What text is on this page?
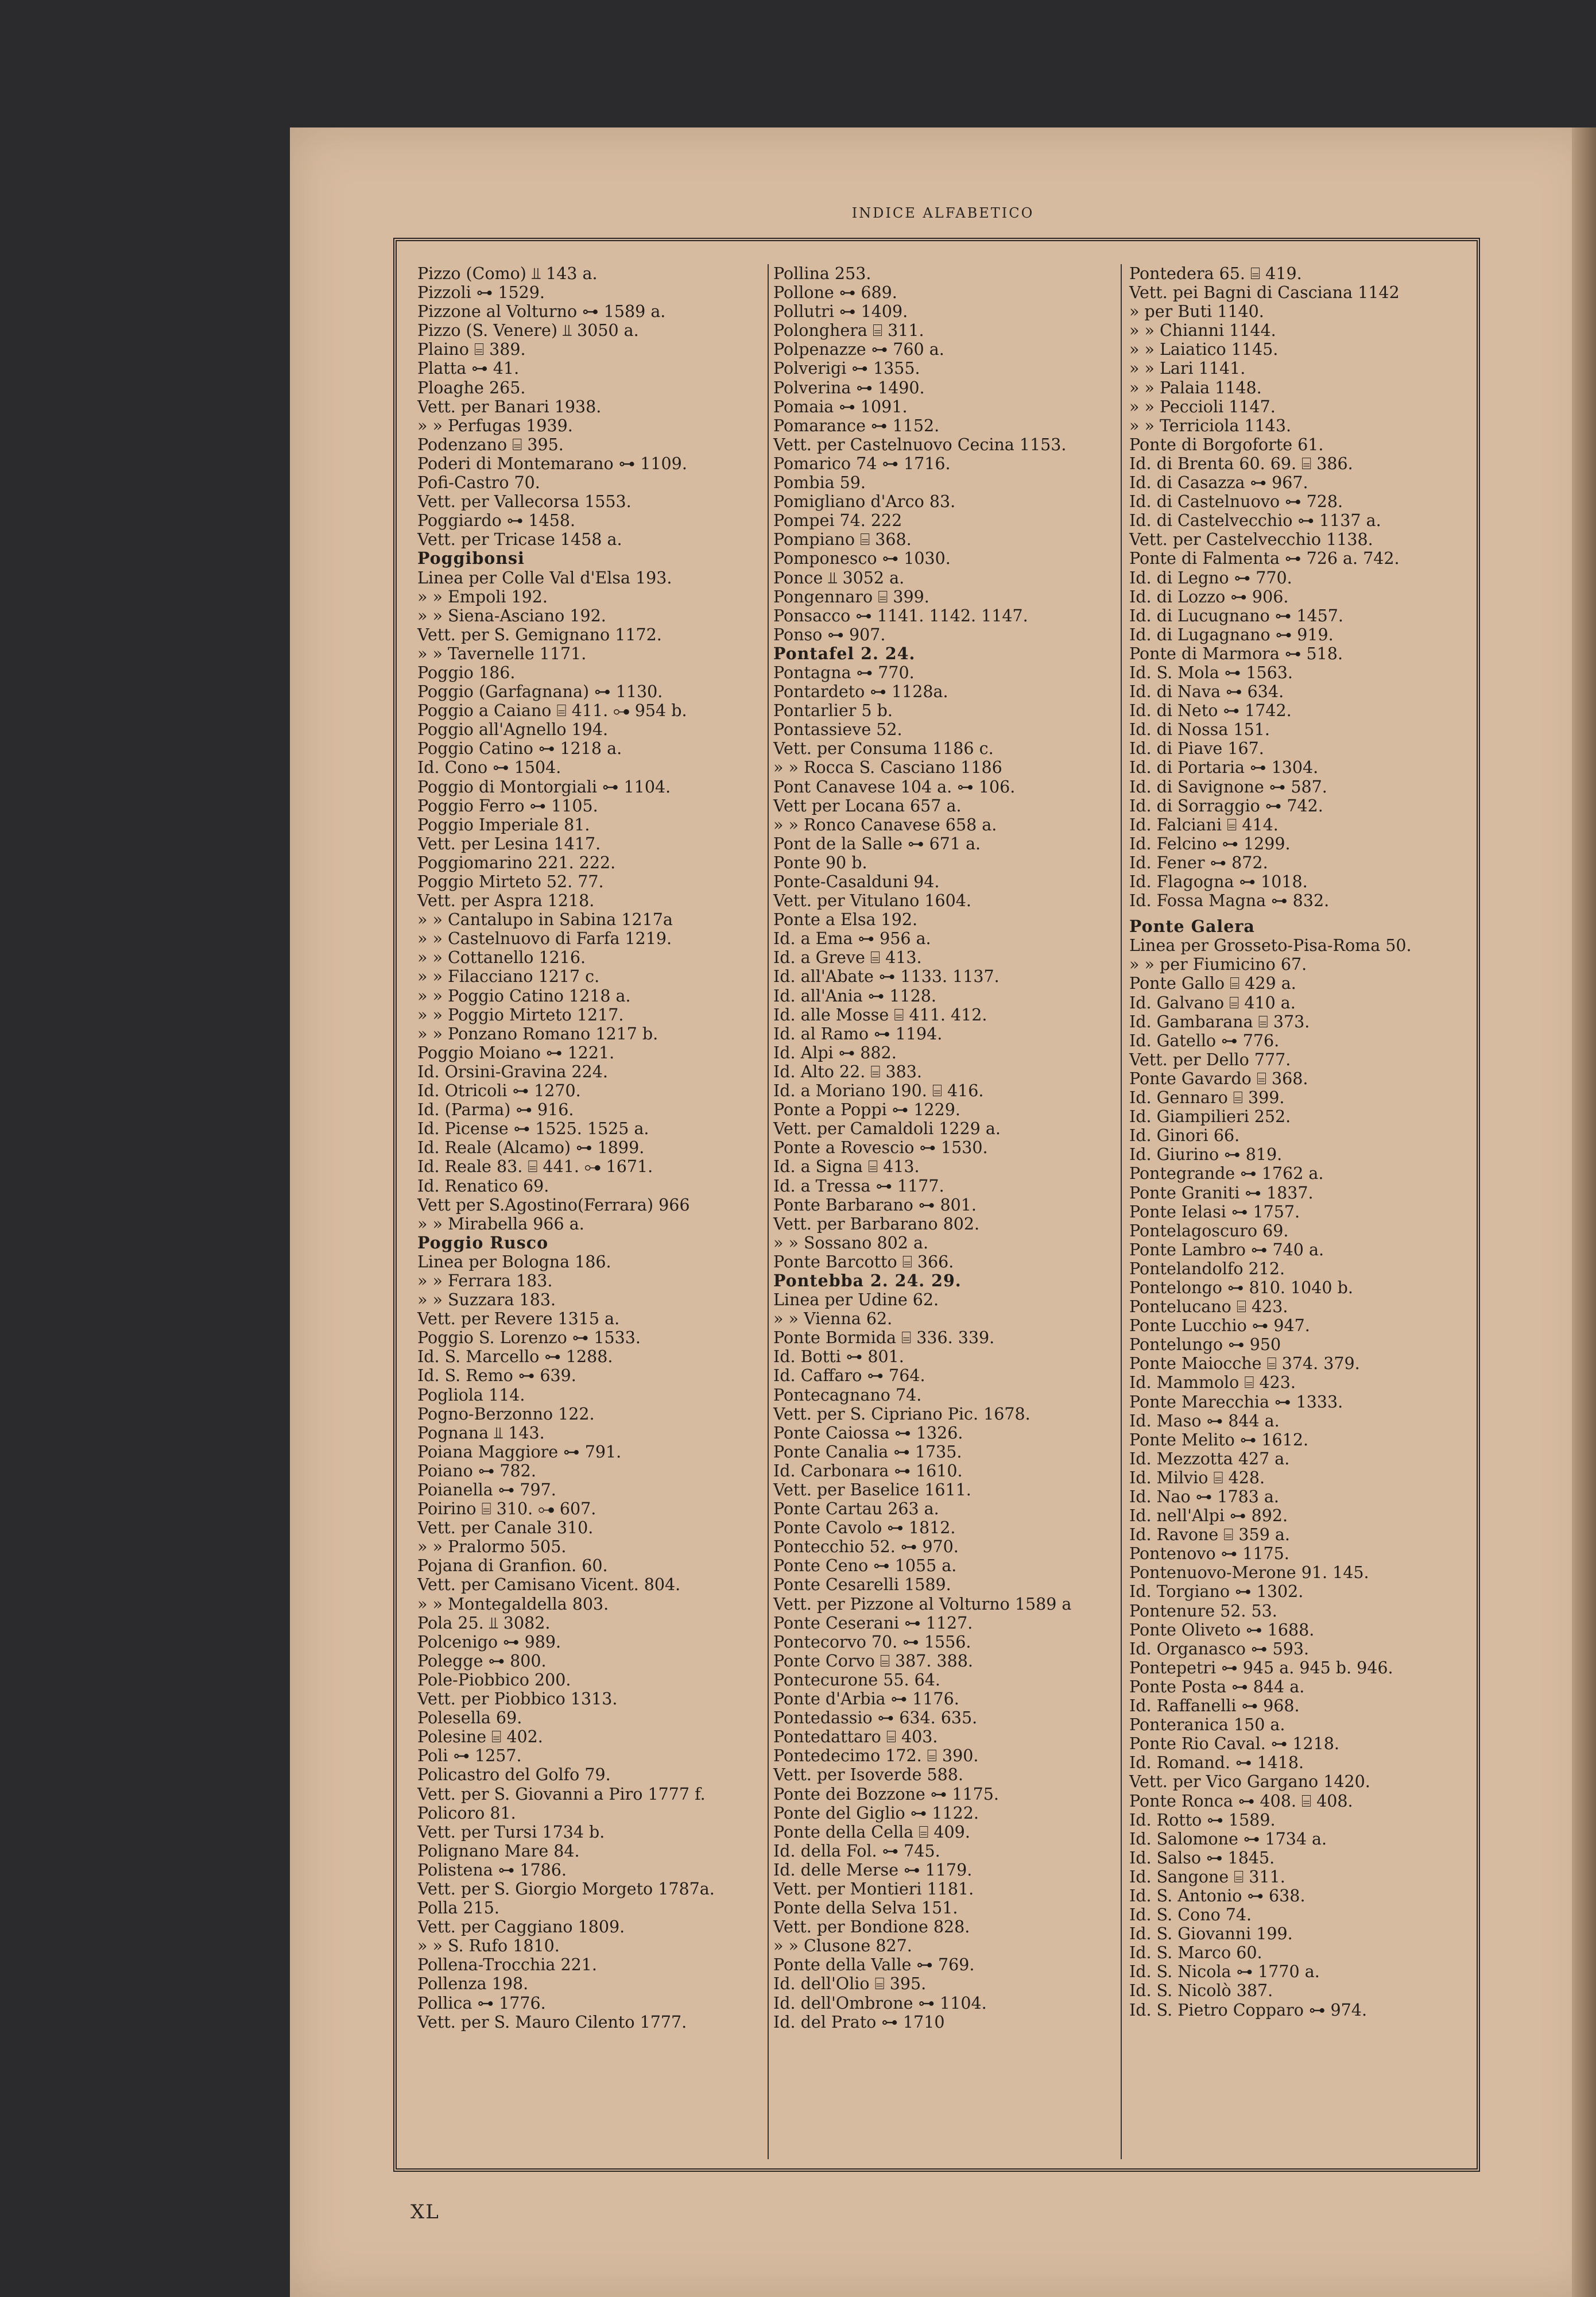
INDICE ALFABETICO
Pizzo (Como) ⫫ 143 a.
Pizzoli ⊶ 1529.
Pizzone al Volturno ⊶ 1589 a.
Pizzo (S. Venere) ⫫ 3050 a.
Plaino ⌸ 389.
Platta ⊶ 41.
Ploaghe 265.
Vett. per Banari 1938.
» » Perfugas 1939.
Podenzano ⌸ 395.
Poderi di Montemarano ⊶ 1109.
Pofi-Castro 70.
Vett. per Vallecorsa 1553.
Poggiardo ⊶ 1458.
Vett. per Tricase 1458 a.
Poggibonsi
Linea per Colle Val d'Elsa 193.
» » Empoli 192.
» » Siena-Asciano 192.
Vett. per S. Gemignano 1172.
» » Tavernelle 1171.
Poggio 186.
Poggio (Garfagnana) ⊶ 1130.
Poggio a Caiano ⌸ 411. ⊶ 954 b.
Poggio all'Agnello 194.
Poggio Catino ⊶ 1218 a.
Id. Cono ⊶ 1504.
Poggio di Montorgiali ⊶ 1104.
Poggio Ferro ⊶ 1105.
Poggio Imperiale 81.
Vett. per Lesina 1417.
Poggiomarino 221. 222.
Poggio Mirteto 52. 77.
Vett. per Aspra 1218.
» » Cantalupo in Sabina 1217a
» » Castelnuovo di Farfa 1219.
» » Cottanello 1216.
» » Filacciano 1217 c.
» » Poggio Catino 1218 a.
» » Poggio Mirteto 1217.
» » Ponzano Romano 1217 b.
Poggio Moiano ⊶ 1221.
Id. Orsini-Gravina 224.
Id. Otricoli ⊶ 1270.
Id. (Parma) ⊶ 916.
Id. Picense ⊶ 1525. 1525 a.
Id. Reale (Alcamo) ⊶ 1899.
Id. Reale 83. ⌸ 441. ⊶ 1671.
Id. Renatico 69.
Vett per S.Agostino(Ferrara) 966
» » Mirabella 966 a.
Poggio Rusco
Linea per Bologna 186.
» » Ferrara 183.
» » Suzzara 183.
Vett. per Revere 1315 a.
Poggio S. Lorenzo ⊶ 1533.
Id. S. Marcello ⊶ 1288.
Id. S. Remo ⊶ 639.
Pogliola 114.
Pogno-Berzonno 122.
Pognana ⫫ 143.
Poiana Maggiore ⊶ 791.
Poiano ⊶ 782.
Poianella ⊶ 797.
Poirino ⌸ 310. ⊶ 607.
Vett. per Canale 310.
» » Pralormo 505.
Pojana di Granfion. 60.
Vett. per Camisano Vicent. 804.
» » Montegaldella 803.
Pola 25. ⫫ 3082.
Polcenigo ⊶ 989.
Polegge ⊶ 800.
Pole-Piobbico 200.
Vett. per Piobbico 1313.
Polesella 69.
Polesine ⌸ 402.
Poli ⊶ 1257.
Policastro del Golfo 79.
Vett. per S. Giovanni a Piro 1777 f.
Policoro 81.
Vett. per Tursi 1734 b.
Polignano Mare 84.
Polistena ⊶ 1786.
Vett. per S. Giorgio Morgeto 1787a.
Polla 215.
Vett. per Caggiano 1809.
» » S. Rufo 1810.
Pollena-Trocchia 221.
Pollenza 198.
Pollica ⊶ 1776.
Vett. per S. Mauro Cilento 1777.
Pollina 253.
Pollone ⊶ 689.
Pollutri ⊶ 1409.
Polonghera ⌸ 311.
Polpenazze ⊶ 760 a.
Polverigi ⊶ 1355.
Polverina ⊶ 1490.
Pomaia ⊶ 1091.
Pomarance ⊶ 1152.
Vett. per Castelnuovo Cecina 1153.
Pomarico 74 ⊶ 1716.
Pombia 59.
Pomigliano d'Arco 83.
Pompei 74. 222
Pompiano ⌸ 368.
Pomponesco ⊶ 1030.
Ponce ⫫ 3052 a.
Pongennaro ⌸ 399.
Ponsacco ⊶ 1141. 1142. 1147.
Ponso ⊶ 907.
Pontafel 2. 24.
Pontagna ⊶ 770.
Pontardeto ⊶ 1128a.
Pontarlier 5 b.
Pontassieve 52.
Vett. per Consuma 1186 c.
» » Rocca S. Casciano 1186
Pont Canavese 104 a. ⊶ 106.
Vett per Locana 657 a.
» » Ronco Canavese 658 a.
Pont de la Salle ⊶ 671 a.
Ponte 90 b.
Ponte-Casalduni 94.
Vett. per Vitulano 1604.
Ponte a Elsa 192.
Id. a Ema ⊶ 956 a.
Id. a Greve ⌸ 413.
Id. all'Abate ⊶ 1133. 1137.
Id. all'Ania ⊶ 1128.
Id. alle Mosse ⌸ 411. 412.
Id. al Ramo ⊶ 1194.
Id. Alpi ⊶ 882.
Id. Alto 22. ⌸ 383.
Id. a Moriano 190. ⌸ 416.
Ponte a Poppi ⊶ 1229.
Vett. per Camaldoli 1229 a.
Ponte a Rovescio ⊶ 1530.
Id. a Signa ⌸ 413.
Id. a Tressa ⊶ 1177.
Ponte Barbarano ⊶ 801.
Vett. per Barbarano 802.
» » Sossano 802 a.
Ponte Barcotto ⌸ 366.
Pontebba 2. 24. 29.
Linea per Udine 62.
» » Vienna 62.
Ponte Bormida ⌸ 336. 339.
Id. Botti ⊶ 801.
Id. Caffaro ⊶ 764.
Pontecagnano 74.
Vett. per S. Cipriano Pic. 1678.
Ponte Caiossa ⊶ 1326.
Ponte Canalia ⊶ 1735.
Id. Carbonara ⊶ 1610.
Vett. per Baselice 1611.
Ponte Cartau 263 a.
Ponte Cavolo ⊶ 1812.
Pontecchio 52. ⊶ 970.
Ponte Ceno ⊶ 1055 a.
Ponte Cesarelli 1589.
Vett. per Pizzone al Volturno 1589 a
Ponte Ceserani ⊶ 1127.
Pontecorvo 70. ⊶ 1556.
Ponte Corvo ⌸ 387. 388.
Pontecurone 55. 64.
Ponte d'Arbia ⊶ 1176.
Pontedassio ⊶ 634. 635.
Pontedattaro ⌸ 403.
Pontedecimo 172. ⌸ 390.
Vett. per Isoverde 588.
Ponte dei Bozzone ⊶ 1175.
Ponte del Giglio ⊶ 1122.
Ponte della Cella ⌸ 409.
Id. della Fol. ⊶ 745.
Id. delle Merse ⊶ 1179.
Vett. per Montieri 1181.
Ponte della Selva 151.
Vett. per Bondione 828.
» » Clusone 827.
Ponte della Valle ⊶ 769.
Id. dell'Olio ⌸ 395.
Id. dell'Ombrone ⊶ 1104.
Id. del Prato ⊶ 1710
Pontedera 65. ⌸ 419.
Vett. pei Bagni di Casciana 1142
» per Buti 1140.
» » Chianni 1144.
» » Laiatico 1145.
» » Lari 1141.
» » Palaia 1148.
» » Peccioli 1147.
» » Terriciola 1143.
Ponte di Borgoforte 61.
Id. di Brenta 60. 69. ⌸ 386.
Id. di Casazza ⊶ 967.
Id. di Castelnuovo ⊶ 728.
Id. di Castelvecchio ⊶ 1137 a.
Vett. per Castelvecchio 1138.
Ponte di Falmenta ⊶ 726 a. 742.
Id. di Legno ⊶ 770.
Id. di Lozzo ⊶ 906.
Id. di Lucugnano ⊶ 1457.
Id. di Lugagnano ⊶ 919.
Ponte di Marmora ⊶ 518.
Id. S. Mola ⊶ 1563.
Id. di Nava ⊶ 634.
Id. di Neto ⊶ 1742.
Id. di Nossa 151.
Id. di Piave 167.
Id. di Portaria ⊶ 1304.
Id. di Savignone ⊶ 587.
Id. di Sorraggio ⊶ 742.
Id. Falciani ⌸ 414.
Id. Felcino ⊶ 1299.
Id. Fener ⊶ 872.
Id. Flagogna ⊶ 1018.
Id. Fossa Magna ⊶ 832.
Ponte Galera
Linea per Grosseto-Pisa-Roma 50.
» » per Fiumicino 67.
Ponte Gallo ⌸ 429 a.
Id. Galvano ⌸ 410 a.
Id. Gambarana ⌸ 373.
Id. Gatello ⊶ 776.
Vett. per Dello 777.
Ponte Gavardo ⌸ 368.
Id. Gennaro ⌸ 399.
Id. Giampilieri 252.
Id. Ginori 66.
Id. Giurino ⊶ 819.
Pontegrande ⊶ 1762 a.
Ponte Graniti ⊶ 1837.
Ponte Ielasi ⊶ 1757.
Pontelagoscuro 69.
Ponte Lambro ⊶ 740 a.
Pontelandolfo 212.
Pontelongo ⊶ 810. 1040 b.
Pontelucano ⌸ 423.
Ponte Lucchio ⊶ 947.
Pontelungo ⊶ 950
Ponte Maiocche ⌸ 374. 379.
Id. Mammolo ⌸ 423.
Ponte Marecchia ⊶ 1333.
Id. Maso ⊶ 844 a.
Ponte Melito ⊶ 1612.
Id. Mezzotta 427 a.
Id. Milvio ⌸ 428.
Id. Nao ⊶ 1783 a.
Id. nell'Alpi ⊶ 892.
Id. Ravone ⌸ 359 a.
Pontenovo ⊶ 1175.
Pontenuovo-Merone 91. 145.
Id. Torgiano ⊶ 1302.
Pontenure 52. 53.
Ponte Oliveto ⊶ 1688.
Id. Organasco ⊶ 593.
Pontepetri ⊶ 945 a. 945 b. 946.
Ponte Posta ⊶ 844 a.
Id. Raffanelli ⊶ 968.
Ponteranica 150 a.
Ponte Rio Caval. ⊶ 1218.
Id. Romand. ⊶ 1418.
Vett. per Vico Gargano 1420.
Ponte Ronca ⊶ 408. ⌸ 408.
Id. Rotto ⊶ 1589.
Id. Salomone ⊶ 1734 a.
Id. Salso ⊶ 1845.
Id. Sangone ⌸ 311.
Id. S. Antonio ⊶ 638.
Id. S. Cono 74.
Id. S. Giovanni 199.
Id. S. Marco 60.
Id. S. Nicola ⊶ 1770 a.
Id. S. Nicolò 387.
Id. S. Pietro Copparo ⊶ 974.
XL
